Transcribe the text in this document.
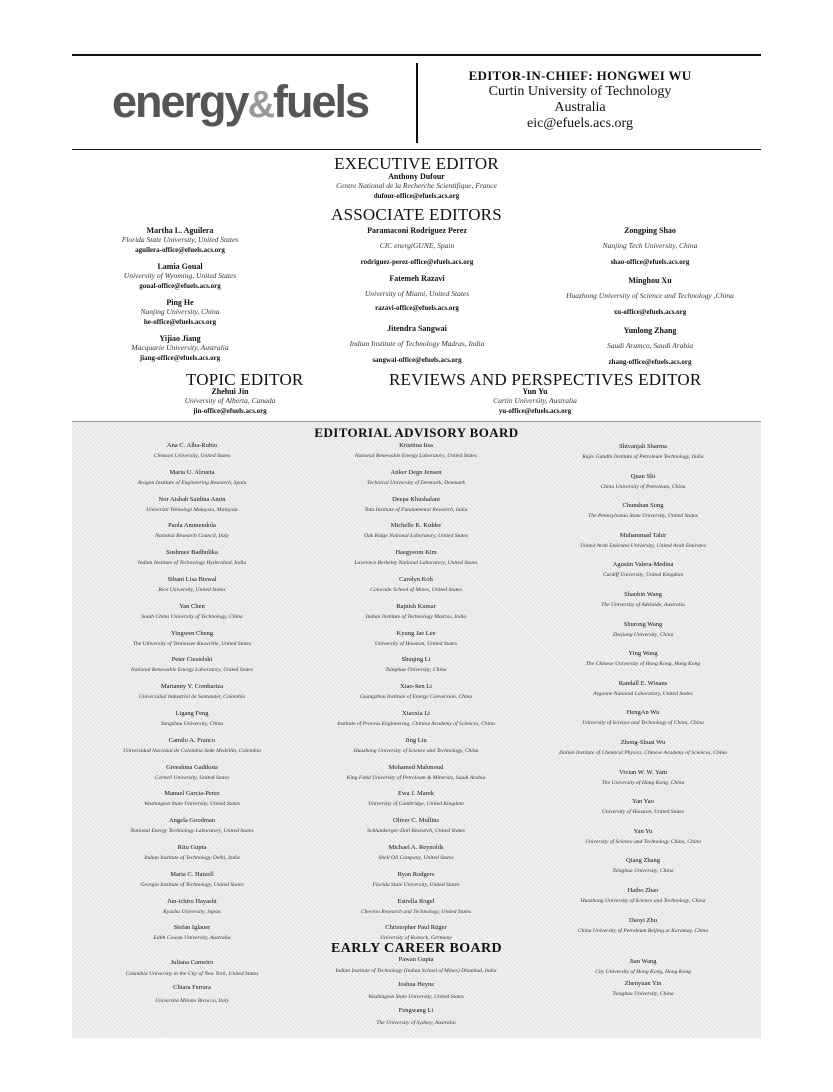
energy&fuels
EDITOR-IN-CHIEF: HONGWEI WU
Curtin University of Technology
Australia
eic@efuels.acs.org
EXECUTIVE EDITOR
Anthony Dufour
Centre National de la Recherche Scientifique, France
dufour-office@efuels.acs.org
ASSOCIATE EDITORS
Martha L. Aguilera
Florida State University, United States
aguilera-office@efuels.acs.org
Lamia Goual
University of Wyoming, United States
goual-office@efuels.acs.org
Ping He
Nanjing University, China
he-office@efuels.acs.org
Yijiao Jiang
Macquarie University, Australia
jiang-office@efuels.acs.org
Paramaconi Rodriguez Perez
CIC energiGUNE, Spain
rodriguez-perez-office@efuels.acs.org
Fatemeh Razavi
University of Miami, United States
razavi-office@efuels.acs.org
Jitendra Sangwai
Indian Institute of Technology Madras, India
sangwai-office@efuels.acs.org
Zongping Shao
Nanjing Tech University, China
shao-office@efuels.acs.org
Minghou Xu
Huazhong University of Science and Technology ,China
xu-office@efuels.acs.org
Yunlong Zhang
Saudi Aramco, Saudi Arabia
zhang-office@efuels.acs.org
TOPIC EDITOR	REVIEWS AND PERSPECTIVES EDITOR
Zhehui Jin
University of Alberta, Canada
jin-office@efuels.acs.org
Yun Yu
Curtin University, Australia
yu-office@efuels.acs.org
EDITORIAL ADVISORY BOARD
Ana C. Alba-Rubio
Clemson University, United States
Maria U. Alzueta
Aragon Institute of Engineering Research, Spain
Nor Aishah Saidina Amin
Universiti Teknologi Malaysia, Malaysia
Paola Ammendola
National Research Council, Italy
Sushmee Badhulika
Indian Institute of Technology Hyderabad, India
Sibani Lisa Biswal
Rice University, United States
Yan Chen
South China University of Technology, China
Yingwen Cheng
The University of Tennessee Knoxville, United States
Peter Ciesielski
National Renewable Energy Laboratory, United States
Marianny Y. Combariza
Universidad Industrial de Santander, Colombia
Ligang Feng
Yangzhou University, China
Camilo A. Franco
Universidad Nacional de Colombia Sede Medellin, Colombia
Greeshma Gadikota
Cornell University, United States
Manuel Garcia-Perez
Washington State University, United States
Angela Goodman
National Energy Technology Laboratory, United States
Ritu Gupta
Indian Institute of Technology Delhi, India
Maria C. Hatzell
Georgia Institute of Technology, United States
Jun-ichiro Hayashi
Kyushu University, Japan
Stefan Iglauer
Edith Cowan University, Australia
Kristiina Iisa
National Renewable Energy Laboratory, United States
Anker Degn Jensen
Technical University of Denmark, Denmark
Deepa Khushalani
Tata Institute of Fundamental Research, India
Michelle K. Kidder
Oak Ridge National Laboratory, United States
Haegyeom Kim
Lawrence Berkeley National Laboratory, United States
Carolyn Koh
Colorado School of Mines, United States
Rajnish Kumar
Indian Institute of Technology Madras, India
Kyung Jae Lee
University of Houston, United States
Shuqing Li
Tsinghua University, China
Xiao-Sen Li
Guangzhou Institute of Energy Conversion, China
Xiaoxia Li
Institute of Process Engineering, Chinese Academy of Sciences, China
Jing Liu
Huazhong University of Science and Technology, China
Mohamed Mahmoud
King Fahd University of Petroleum & Minerals, Saudi Arabia
Ewa J. Marek
University of Cambridge, United Kingdom
Oliver C. Mullins
Schlumberger-Doll Research, United States
Michael A. Reynolds
Shell Oil Company, United States
Ryan Rodgers
Florida State University, United States
Estrella Rogel
Chevron Research and Technology, United States
Christopher Paul Rüger
University of Rostock, Germany
Shivanjali Sharma
Rajiv Gandhi Institute of Petroleum Technology, India
Quan Shi
China University of Petroleum, China
Chunshan Song
The Pennsylvania State University, United States
Muhammad Tahir
United Arab Emirates University, United Arab Emirates
Agustin Valera-Medina
Cardiff University, United Kingdom
Shaobin Wang
The University of Adelaide, Australia
Shurong Wang
Zhejiang University, China
Ying Wang
The Chinese University of Hong Kong, Hong Kong
Randall E. Winans
Argonne National Laboratory, United States
HengAn Wu
University of Science and Technology of China, China
Zhong-Shuai Wu
Dalian Institute of Chemical Physics, Chinese Academy of Sciences, China
Vivian W. W. Yam
The University of Hong Kong, China
Yan Yao
University of Houston, United States
Yan Yu
University of Science and Technology China, China
Qiang Zhang
Tsinghua University, China
Haibo Zhao
Huazhong University of Science and Technology, China
Daoyi Zhu
China University of Petroleum Beijing at Karamay, China
EARLY CAREER BOARD
Juliana Carneiro
Columbia University in the City of New York, United States
Chiara Ferrara
Università Milano Bicocca, Italy
Pawan Gupta
Indian Institute of Technology (Indian School of Mines) Dhanbad, India
Joshua Heyne
Washington State University, United States
Fengwang Li
The University of Sydney, Australia
Jian Wang
City University of Hong Kong, Hong Kong
Zhenyuan Yin
Tsinghua University, China
